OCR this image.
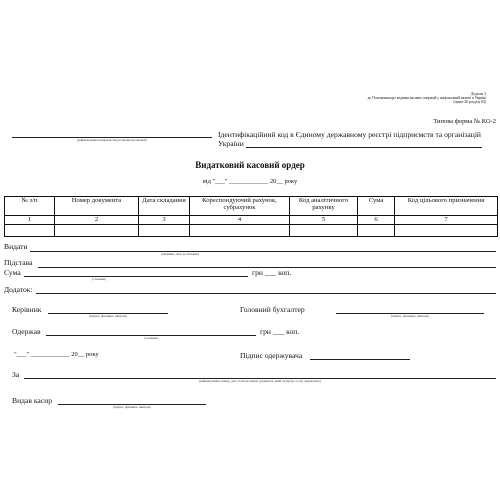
Додаток 3
до Положення про ведення касових операцій у національній валюті в Україні
(пункт 26 розділу ІІІ)
Типова форма № КО-2
(найменування підприємства/установи/організації)
Ідентифікаційний код в Єдиному державному реєстрі підприємств та організацій
України
Видатковий касовий ордер
від "___" ____________ 20__ року
№ з/п	Номер документа	Дата складання	Кореспондуючий рахунок, субрахунок	Код аналітичного рахунку	Сума	Код цільового призначення
1	2	3	4	5	6	7

Видати
(прізвище, ім'я, по батькові)
Підстава
Сума	грн ___ коп.
(словами)
Додаток:
Керівник
(підпис, прізвище, ініціали)
Головний бухгалтер
(підпис, прізвище, ініціали)
Одержав	грн ___ коп.
(словами)
"___" ____________ 20__ року	Підпис одержувача
За
(найменування, номер, дата та місце видачі документа, який засвідчує особу одержувача)
Видав касир
(підпис, прізвище, ініціали)
